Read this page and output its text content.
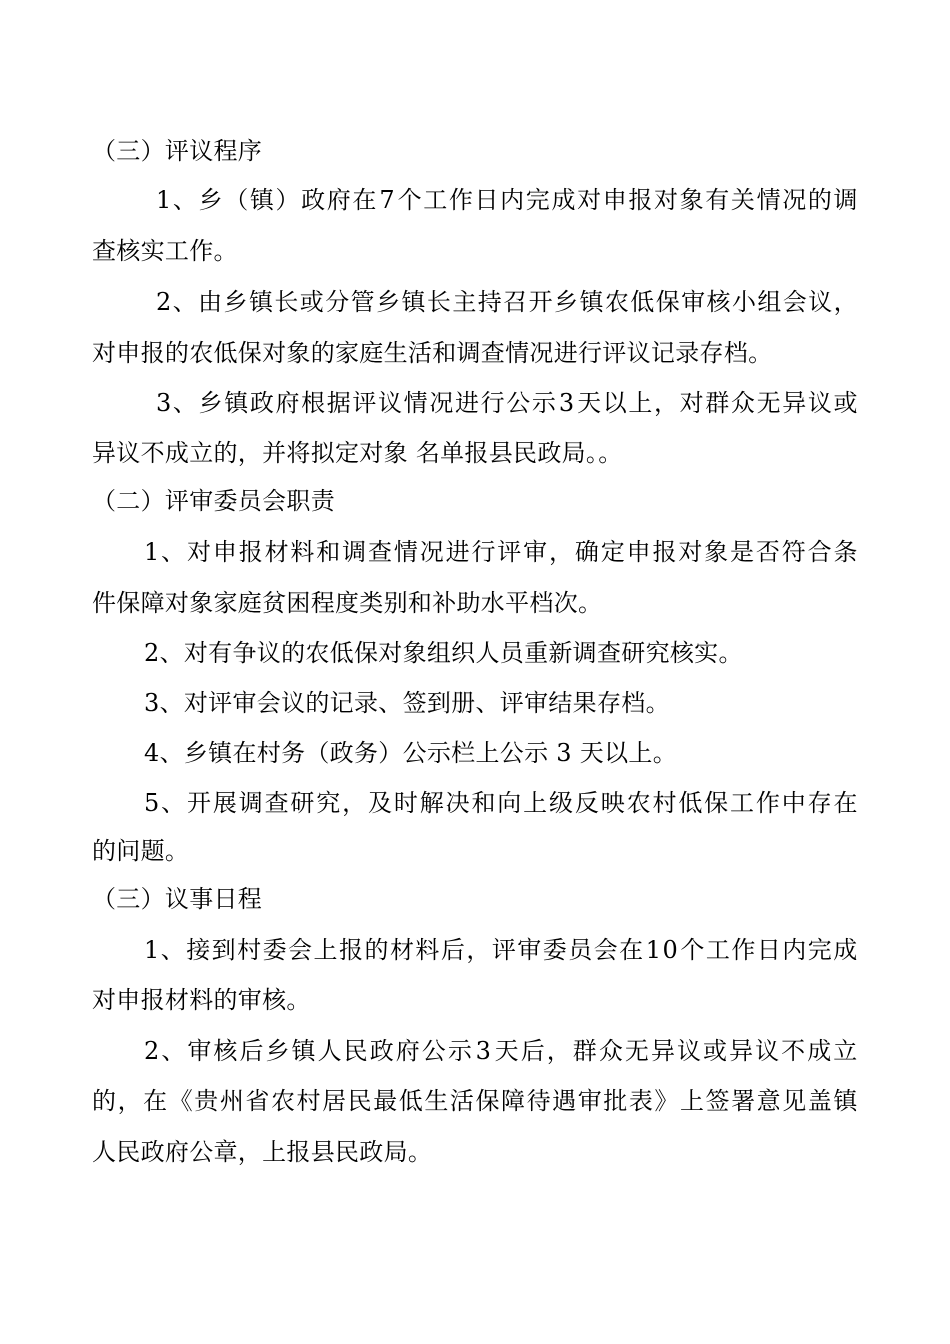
（三）评议程序
1 、 乡 （ 镇 ） 政 府 在 7 个 工 作 日 内 完 成 对 申 报 对 象 有 关 情 况 的 调
查核实工作。
2 、 由 乡 镇 长 或 分 管 乡 镇 长 主 持 召 开 乡 镇 农 低 保 审 核 小 组 会 议 ，
对申报的农低保对象的家庭生活和调查情况进行评议记录存档。
3 、 乡 镇 政 府 根 据 评 议 情 况 进 行 公 示 3 天 以 上 ， 对 群 众 无 异 议 或
异议不成立的，并将拟定对象 名单报县民政局。。
（二）评审委员会职责
1 、 对 申 报 材 料 和 调 查 情 况 进 行 评 审 ， 确 定 申 报 对 象 是 否 符 合 条
件保障对象家庭贫困程度类别和补助水平档次。
2、对有争议的农低保对象组织人员重新调查研究核实。
3、对评审会议的记录、签到册、评审结果存档。
4、乡镇在村务（政务）公示栏上公示 3 天以上。
5 、 开 展 调 查 研 究 ， 及 时 解 决 和 向 上 级 反 映 农 村 低 保 工 作 中 存 在
的问题。
（三）议事日程
1 、 接 到 村 委 会 上 报 的 材 料 后 ， 评 审 委 员 会 在 1 0 个 工 作 日 内 完 成
对申报材料的审核。
2 、 审 核 后 乡 镇 人 民 政 府 公 示 3 天 后 ， 群 众 无 异 议 或 异 议 不 成 立
的 ， 在 《 贵 州 省 农 村 居 民 最 低 生 活 保 障 待 遇 审 批 表 》 上 签 署 意 见 盖 镇
人民政府公章，上报县民政局。
